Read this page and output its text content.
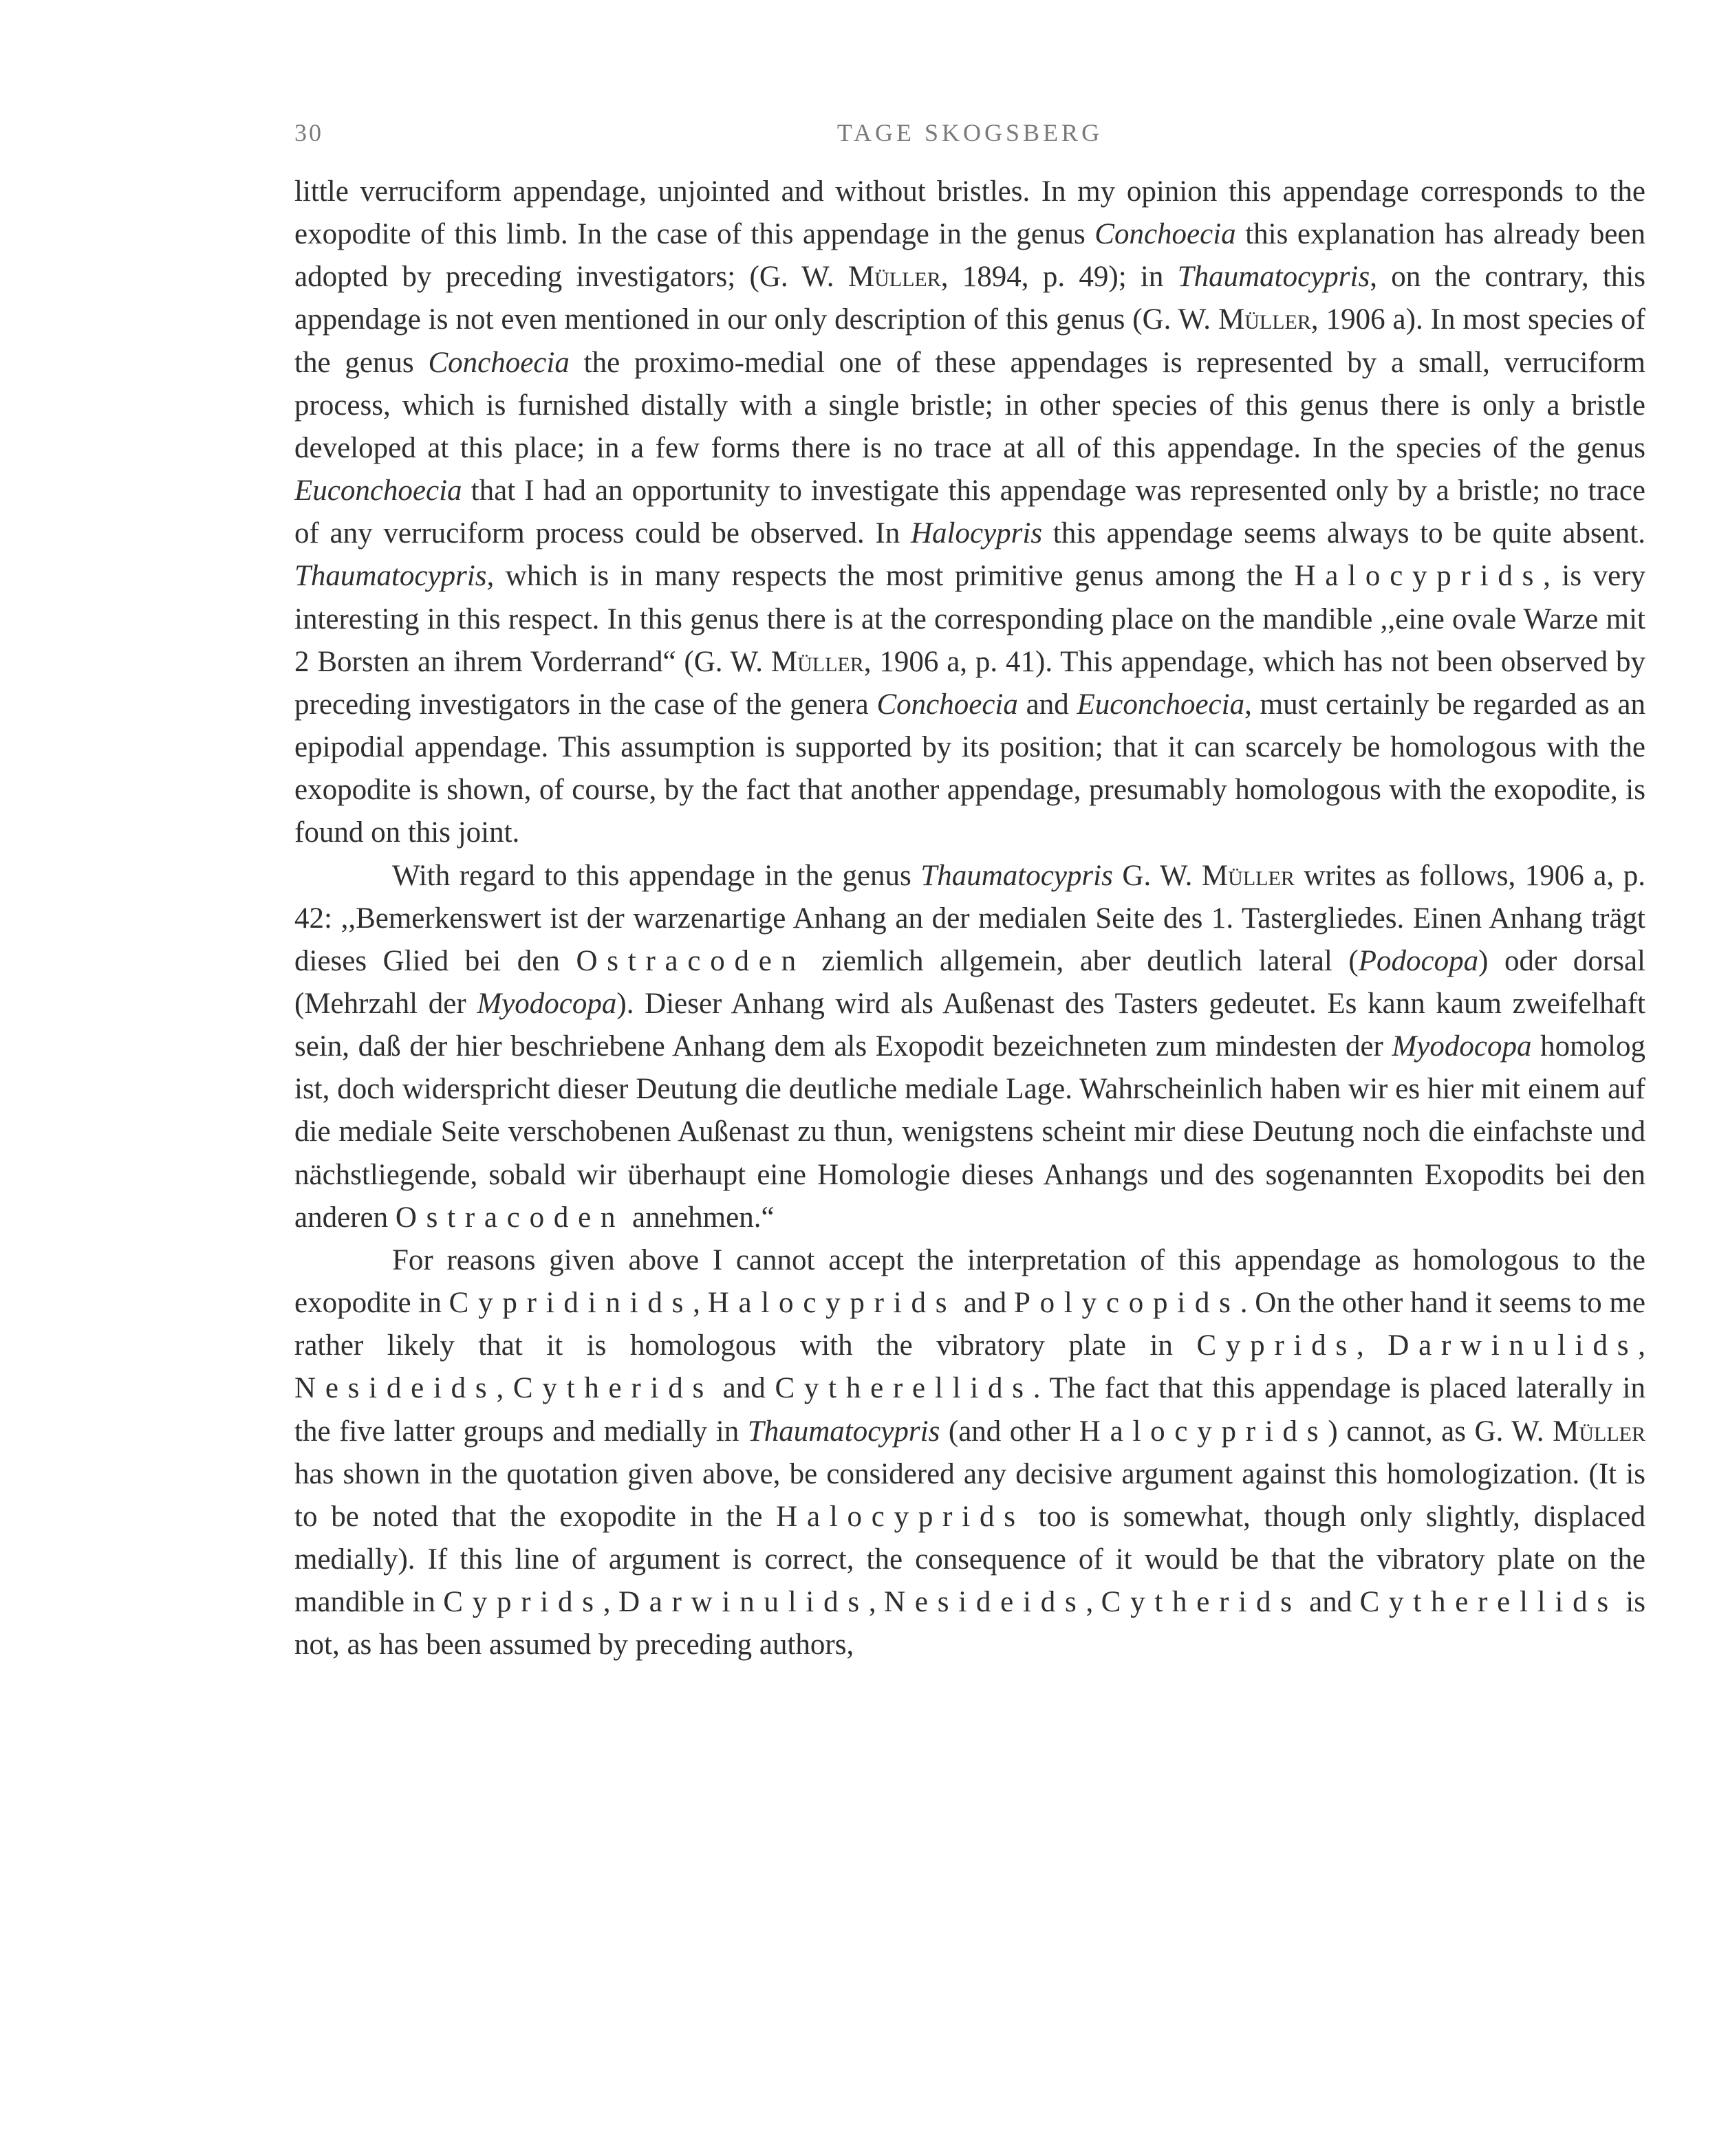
30	TAGE SKOGSBERG

little verruciform appendage, unjointed and without bristles. In my opinion this appendage corresponds to the exopodite of this limb. In the case of this appendage in the genus Conchoecia this explanation has already been adopted by preceding investigators; (G. W. Müller, 1894, p. 49); in Thaumatocypris, on the contrary, this appendage is not even mentioned in our only description of this genus (G. W. Müller, 1906 a). In most species of the genus Conchoecia the proximo-medial one of these appendages is represented by a small, verruciform process, which is furnished distally with a single bristle; in other species of this genus there is only a bristle developed at this place; in a few forms there is no trace at all of this appendage. In the species of the genus Euconchoecia that I had an opportunity to investigate this appendage was represented only by a bristle; no trace of any verruciform process could be observed. In Halocypris this appendage seems always to be quite absent. Thaumatocypris, which is in many respects the most primitive genus among the Halocyprids, is very interesting in this respect. In this genus there is at the corresponding place on the mandible ,,eine ovale Warze mit 2 Borsten an ihrem Vorderrand“ (G. W. Müller, 1906 a, p. 41). This appendage, which has not been observed by preceding investigators in the case of the genera Conchoecia and Euconchoecia, must certainly be regarded as an epipodial appendage. This assumption is supported by its position; that it can scarcely be homologous with the exopodite is shown, of course, by the fact that another appendage, presumably homologous with the exopodite, is found on this joint.

With regard to this appendage in the genus Thaumatocypris G. W. Müller writes as follows, 1906 a, p. 42: ,,Bemerkenswert ist der warzenartige Anhang an der medialen Seite des 1. Tastergliedes. Einen Anhang trägt dieses Glied bei den Ostracoden ziemlich allgemein, aber deutlich lateral (Podocopa) oder dorsal (Mehrzahl der Myodocopa). Dieser Anhang wird als Außenast des Tasters gedeutet. Es kann kaum zweifelhaft sein, daß der hier beschriebene Anhang dem als Exopodit bezeichneten zum mindesten der Myodocopa homolog ist, doch widerspricht dieser Deutung die deutliche mediale Lage. Wahrscheinlich haben wir es hier mit einem auf die mediale Seite verschobenen Außenast zu thun, wenigstens scheint mir diese Deutung noch die einfachste und nächstliegende, sobald wir überhaupt eine Homologie dieses Anhangs und des sogenannten Exopodits bei den anderen Ostracoden annehmen.“

For reasons given above I cannot accept the interpretation of this appendage as homologous to the exopodite in Cypridinids, Halocyprids and Polycopids. On the other hand it seems to me rather likely that it is homologous with the vibratory plate in Cyprids, Darwinulids, Nesideids, Cytherids and Cytherellids. The fact that this appendage is placed laterally in the five latter groups and medially in Thaumatocypris (and other Halocyprids) cannot, as G. W. Müller has shown in the quotation given above, be considered any decisive argument against this homologization. (It is to be noted that the exopodite in the Halocyprids too is somewhat, though only slightly, displaced medially). If this line of argument is correct, the consequence of it would be that the vibratory plate on the mandible in Cyprids, Darwinulids, Nesideids, Cytherids and Cytherellids is not, as has been assumed by preceding authors,
